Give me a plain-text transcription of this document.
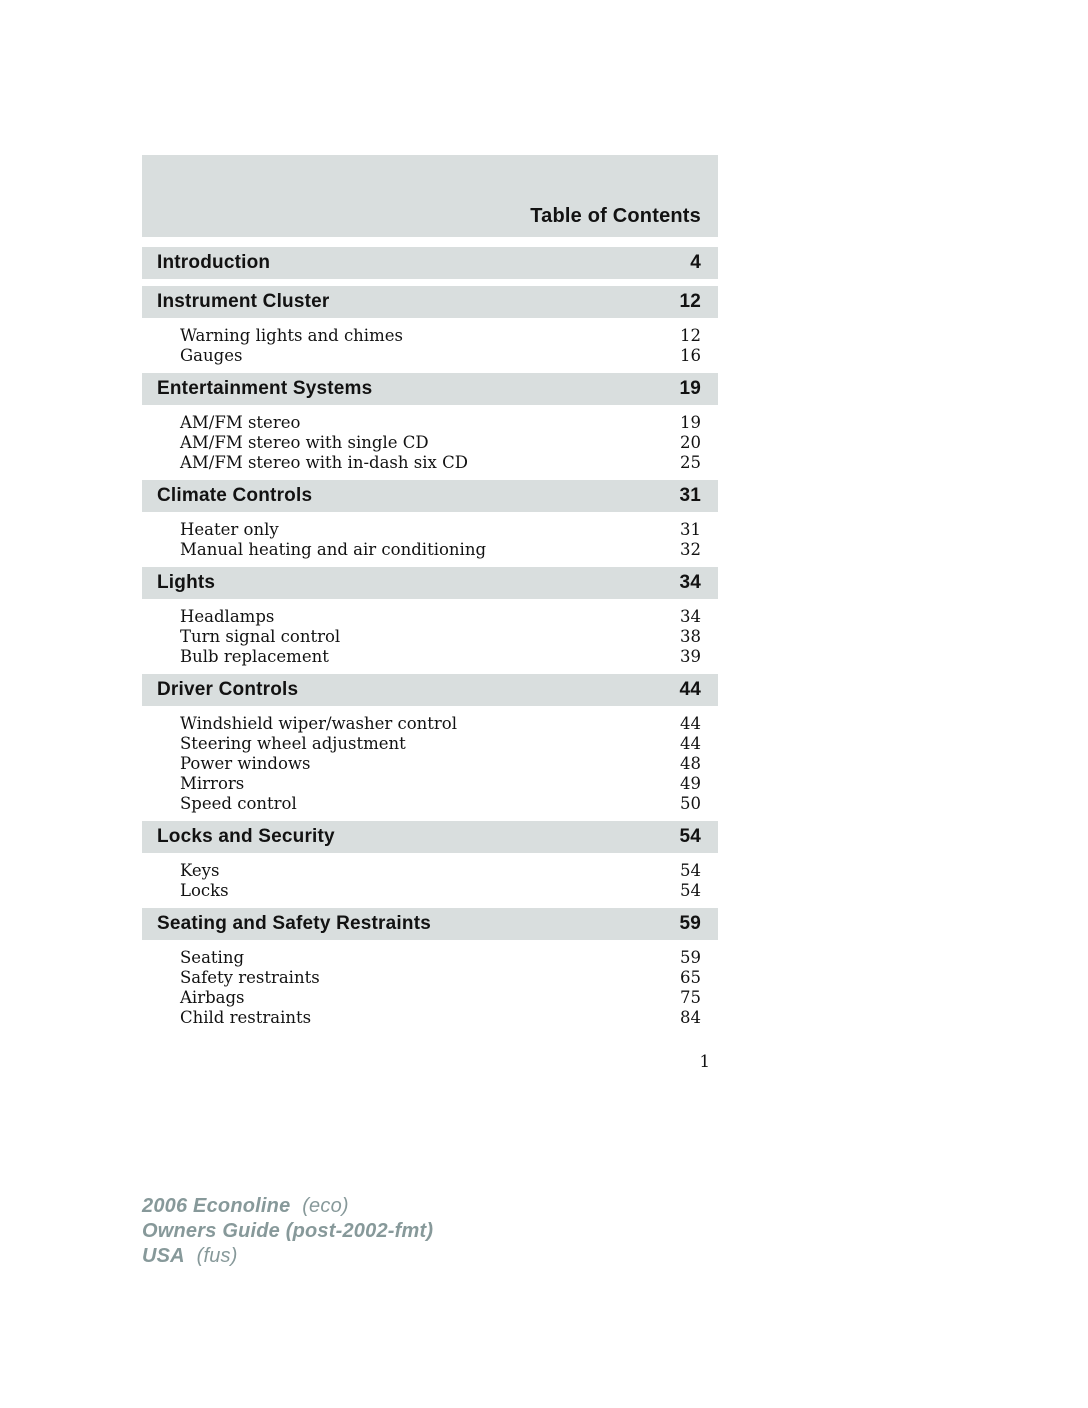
Table of Contents
Introduction	4
Instrument Cluster	12
Warning lights and chimes	12
Gauges	16
Entertainment Systems	19
AM/FM stereo	19
AM/FM stereo with single CD	20
AM/FM stereo with in-dash six CD	25
Climate Controls	31
Heater only	31
Manual heating and air conditioning	32
Lights	34
Headlamps	34
Turn signal control	38
Bulb replacement	39
Driver Controls	44
Windshield wiper/washer control	44
Steering wheel adjustment	44
Power windows	48
Mirrors	49
Speed control	50
Locks and Security	54
Keys	54
Locks	54
Seating and Safety Restraints	59
Seating	59
Safety restraints	65
Airbags	75
Child restraints	84
1
2006 Econoline (eco)
Owners Guide (post-2002-fmt)
USA (fus)
